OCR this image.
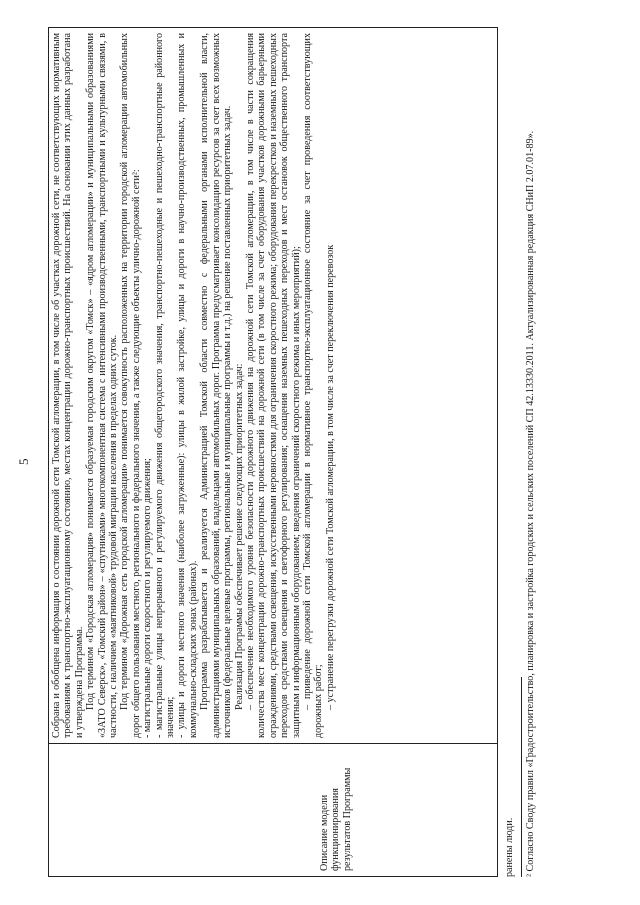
5
Описание модели функционирования результатов Программы

Собрана и обобщена информация о состоянии дорожной сети Томской агломерации, в том числе об участках дорожной сети, не соответствующих нормативным требованиям к транспортно-эксплуатационному состоянию, местах концентрации дорожно-транспортных происшествий. На основании этих данных разработана и утверждена Программа. Под термином «Городская агломерация» понимается образуемая городским округом «Томск» – «ядром агломерации» и муниципальными образованиями «ЗАТО Северск», «Томский район» – «спутниками» многокомпонентная система с интенсивными производственными, транспортными и культурными связями, в частности, с наличием «маятниковой» трудовой миграции населения в пределах одних суток. Под термином «Дорожная сеть городской агломерации» понимается совокупность расположенных на территории городской агломерации автомобильных дорог общего пользования местного, регионального и федерального значения, а также следующие объекты улично-дорожной сети²: - магистральные дороги скоростного и регулируемого движения; - магистральные улицы непрерывного и регулируемого движения общегородского значения, транспортно-пешеходные и пешеходно-транспортные районного значения; - улицы и дороги местного значения (наиболее загруженные): улицы в жилой застройке, улицы и дороги в научно-производственных, промышленных и коммунально-складских зонах (районах). Программа разрабатывается и реализуется Администрацией Томской области совместно с федеральными органами исполнительной власти, администрациями муниципальных образований, владельцами автомобильных дорог. Программа предусматривает консолидацию ресурсов за счет всех возможных источников (федеральные целевые программы, региональные и муниципальные программы и т.д.) на решение поставленных приоритетных задач. Реализация Программы обеспечивает решение следующих приоритетных задач: – обеспечение необходимого уровня безопасности дорожного движения на дорожной сети Томской агломерации, в том числе в части сокращения количества мест концентрации дорожно-транспортных происшествий на дорожной сети (в том числе за счет оборудования участков дорожными барьерными ограждениями, средствами освещения, искусственными неровностями для ограничения скоростного режима; оборудования перекрестков и наземных пешеходных переходов средствами освещения и светофорного регулирования; оснащения наземных пешеходных переходов и мест остановок общественного транспорта защитным и информационным оборудованием; введения ограничений скоростного режима и иных мероприятий); – приведение дорожной сети Томской агломерации в нормативное транспортно-эксплуатационное состояние за счет проведения соответствующих дорожных работ; – устранение перегрузки дорожной сети Томской агломерации, в том числе за счет переключения перевозок

ранены люди. ² Согласно Своду правил «Градостроительство, планировка и застройка городских и сельских поселений СП 42.13330.2011. Актуализированная редакция СНиП 2.07.01-89».
